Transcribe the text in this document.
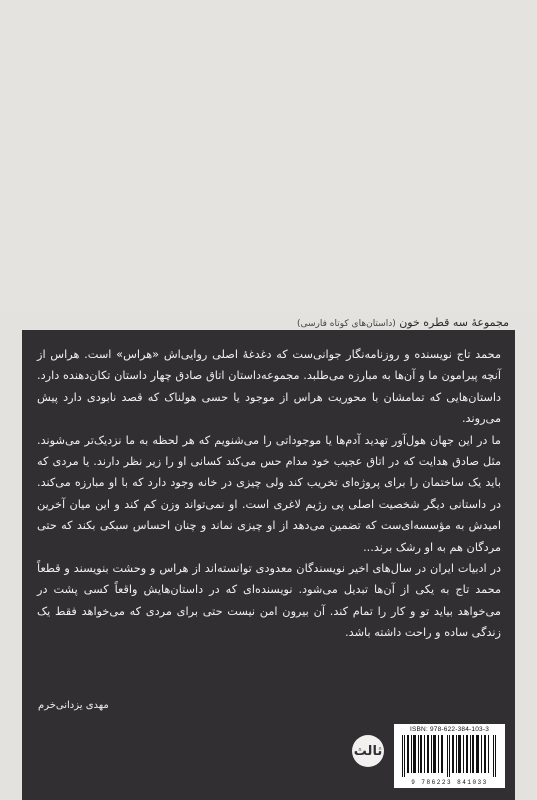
مجموعهٔ سه قطره خون (داستان‌های کوتاه فارسی)

محمد تاج نویسنده و روزنامه‌نگار جوانی‌ست که دغدغهٔ اصلی روایی‌اش «هراس» است. هراس از آنچه پیرامون ما و آن‌ها به مبارزه می‌طلبد. مجموعه‌داستان اتاق صادق چهار داستان تکان‌دهنده دارد. داستان‌هایی که تمامشان با محوریت هراس از موجود یا حسی هولناک که قصد نابودی دارد پیش می‌روند.

ما در این جهان هول‌آور تهدید آدم‌ها یا موجوداتی را می‌شنویم که هر لحظه به ما نزدیک‌تر می‌شوند. مثل صادق هدایت که در اتاق عجیب خود مدام حس می‌کند کسانی او را زیر نظر دارند. یا مردی که باید یک ساختمان را برای پروژه‌ای تخریب کند ولی چیزی در خانه وجود دارد که با او مبارزه می‌کند. در داستانی دیگر شخصیت اصلی پی رژیم لاغری است. او نمی‌تواند وزن کم کند و این میان آخرین امیدش به مؤسسه‌ای‌ست که تضمین می‌دهد از او چیزی نماند و چنان احساس سبکی بکند که حتی مردگان هم به او رشک برند...

در ادبیات ایران در سال‌های اخیر نویسندگان معدودی توانسته‌اند از هراس و وحشت بنویسند و قطعاً محمد تاج به یکی از آن‌ها تبدیل می‌شود. نویسنده‌ای که در داستان‌هایش واقعاً کسی پشت در می‌خواهد بیاید تو و کار را تمام کند. آن بیرون امن نیست حتی برای مردی که می‌خواهد فقط یک زندگی ساده و راحت داشته باشد.

مهدی یزدانی‌خرم
ثالث
ISBN: 978-622-384-103-3
9 786223 841033
